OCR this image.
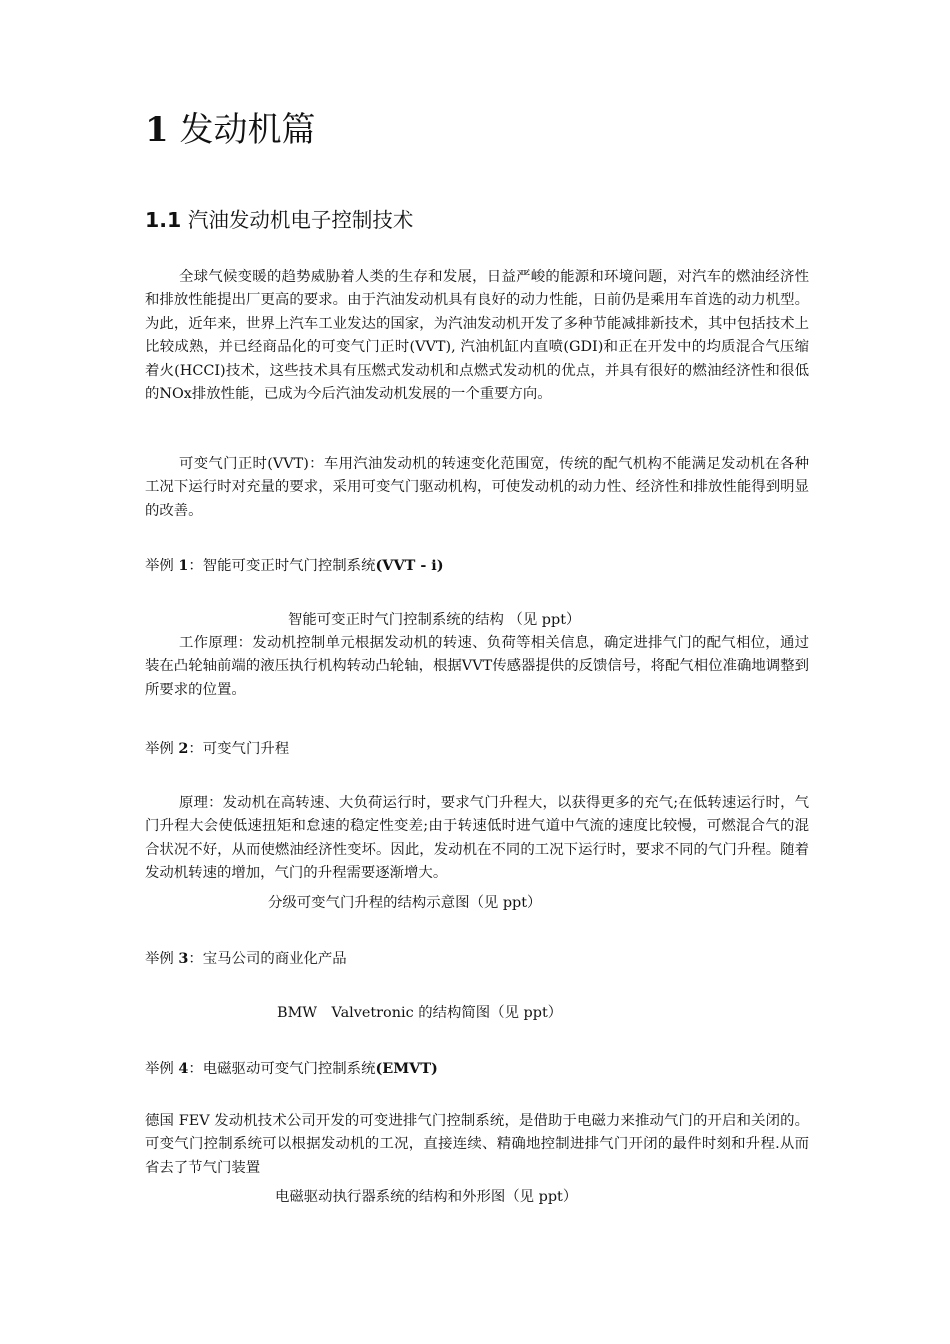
1 发动机篇
1.1 汽油发动机电子控制技术
全球气候变暖的趋势威胁着人类的生存和发展，日益严峻的能源和环境问题，对汽车的燃油经济性和排放性能提出厂更高的要求。由于汽油发动机具有良好的动力性能，日前仍是乘用车首选的动力机型。为此，近年来，世界上汽车工业发达的国家，为汽油发动机开发了多种节能减排新技术，其中包括技术上比较成熟，并已经商品化的可变气门正时(VVT), 汽油机缸内直喷(GDI)和正在开发中的均质混合气压缩着火(HCCI)技术，这些技术具有压燃式发动机和点燃式发动机的优点，并具有很好的燃油经济性和很低的NOx排放性能，已成为今后汽油发动机发展的一个重要方向。
可变气门正时(VVT)：车用汽油发动机的转速变化范围宽，传统的配气机构不能满足发动机在各种工况下运行时对充量的要求，采用可变气门驱动机构，可使发动机的动力性、经济性和排放性能得到明显的改善。
举例 1：智能可变正时气门控制系统(VVT - i)
智能可变正时气门控制系统的结构 （见 ppt）
工作原理：发动机控制单元根据发动机的转速、负荷等相关信息，确定进排气门的配气相位，通过装在凸轮轴前端的液压执行机构转动凸轮轴，根据VVT传感器提供的反馈信号，将配气相位准确地调整到所要求的位置。
举例 2：可变气门升程
原理：发动机在高转速、大负荷运行时，要求气门升程大，以获得更多的充气;在低转速运行时，气门升程大会使低速扭矩和怠速的稳定性变差;由于转速低时进气道中气流的速度比较慢，可燃混合气的混合状况不好，从而使燃油经济性变坏。因此，发动机在不同的工况下运行时，要求不同的气门升程。随着发动机转速的增加，气门的升程需要逐渐增大。
分级可变气门升程的结构示意图（见 ppt）
举例 3：宝马公司的商业化产品
BMW　Valvetronic 的结构简图（见 ppt）
举例 4：电磁驱动可变气门控制系统(EMVT)
德国 FEV 发动机技术公司开发的可变进排气门控制系统，是借助于电磁力来推动气门的开启和关闭的。可变气门控制系统可以根据发动机的工况，直接连续、精确地控制进排气门开闭的最件时刻和升程.从而省去了节气门装置
电磁驱动执行器系统的结构和外形图（见 ppt）
